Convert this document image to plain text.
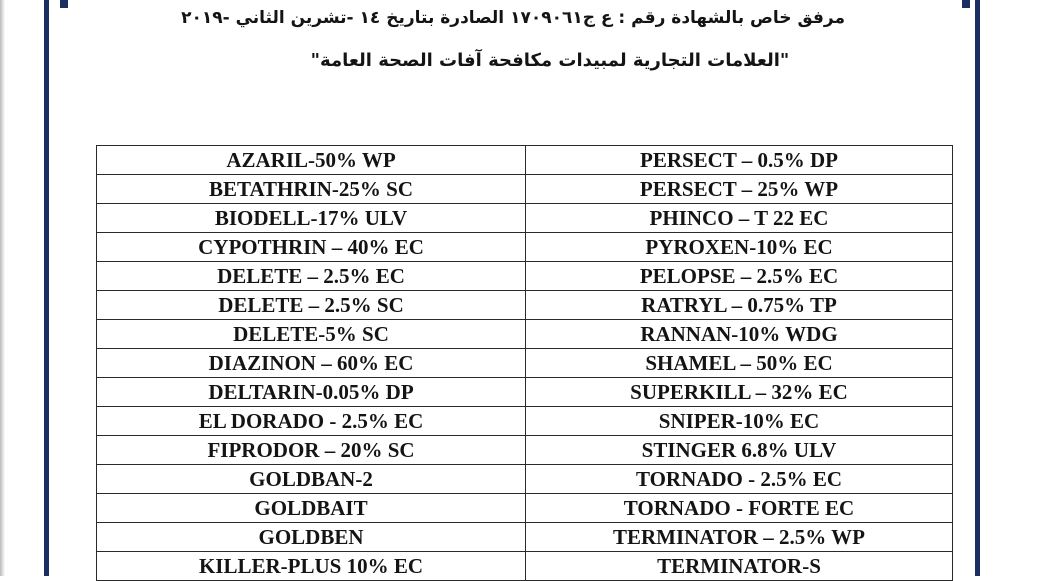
مرفق خاص بالشهادة رقم : ع ج١٧٠٩٠٦١ الصادرة بتاريخ ١٤ -تشرين الثاني -٢٠١٩
"العلامات التجارية لمبيدات مكافحة آفات الصحة العامة"
AZARIL-50% WP	PERSECT – 0.5% DP
BETATHRIN-25% SC	PERSECT – 25% WP
BIODELL-17% ULV	PHINCO – T 22 EC
CYPOTHRIN – 40% EC	PYROXEN-10% EC
DELETE – 2.5% EC	PELOPSE – 2.5% EC
DELETE – 2.5% SC	RATRYL – 0.75% TP
DELETE-5% SC	RANNAN-10% WDG
DIAZINON – 60% EC	SHAMEL – 50% EC
DELTARIN-0.05% DP	SUPERKILL – 32% EC
EL DORADO - 2.5% EC	SNIPER-10% EC
FIPRODOR – 20% SC	STINGER 6.8% ULV
GOLDBAN-2	TORNADO - 2.5% EC
GOLDBAIT	TORNADO - FORTE EC
GOLDBEN	TERMINATOR – 2.5% WP
KILLER-PLUS 10% EC	TERMINATOR-S
